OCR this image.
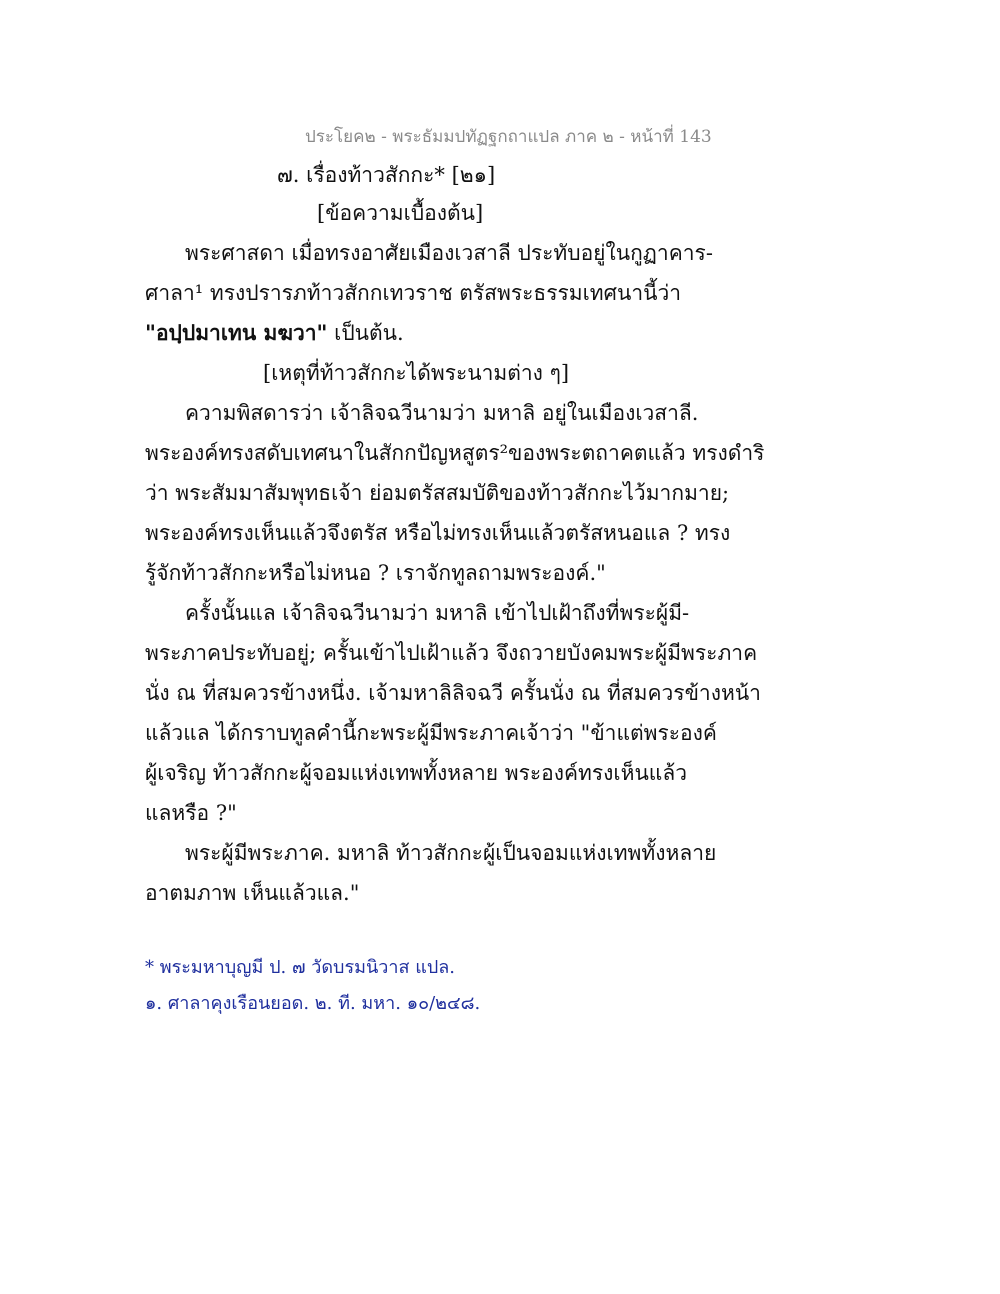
ประโยค๒ - พระธัมมปทัฏฐกถาแปล ภาค ๒ - หน้าที่ 143
๗. เรื่องท้าวสักกะ* [๒๑]
[ข้อความเบื้องต้น]
พระศาสดา เมื่อทรงอาศัยเมืองเวสาลี ประทับอยู่ในกูฏาคาร-
ศาลา¹ ทรงปรารภท้าวสักกเทวราช ตรัสพระธรรมเทศนานี้ว่า
"อปฺปมาเทน มฆวา" เป็นต้น.
[เหตุที่ท้าวสักกะได้พระนามต่าง ๆ]
ความพิสดารว่า เจ้าลิจฉวีนามว่า มหาลิ อยู่ในเมืองเวสาลี.
พระองค์ทรงสดับเทศนาในสักกปัญหสูตร²ของพระตถาคตแล้ว ทรงดำริ
ว่า พระสัมมาสัมพุทธเจ้า ย่อมตรัสสมบัติของท้าวสักกะไว้มากมาย;
พระองค์ทรงเห็นแล้วจึงตรัส หรือไม่ทรงเห็นแล้วตรัสหนอแล ? ทรง
รู้จักท้าวสักกะหรือไม่หนอ ? เราจักทูลถามพระองค์."
ครั้งนั้นแล เจ้าลิจฉวีนามว่า มหาลิ เข้าไปเฝ้าถึงที่พระผู้มี-
พระภาคประทับอยู่; ครั้นเข้าไปเฝ้าแล้ว จึงถวายบังคมพระผู้มีพระภาค
นั่ง ณ ที่สมควรข้างหนึ่ง. เจ้ามหาลิลิจฉวี ครั้นนั่ง ณ ที่สมควรข้างหน้า
แล้วแล ได้กราบทูลคำนี้กะพระผู้มีพระภาคเจ้าว่า "ข้าแต่พระองค์
ผู้เจริญ ท้าวสักกะผู้จอมแห่งเทพทั้งหลาย พระองค์ทรงเห็นแล้ว
แลหรือ ?"
พระผู้มีพระภาค. มหาลิ ท้าวสักกะผู้เป็นจอมแห่งเทพทั้งหลาย
อาตมภาพ เห็นแล้วแล."
* พระมหาบุญมี ป. ๗ วัดบรมนิวาส แปล.
๑. ศาลาคุงเรือนยอด. ๒. ที. มหา. ๑๐/๒๔๘.
